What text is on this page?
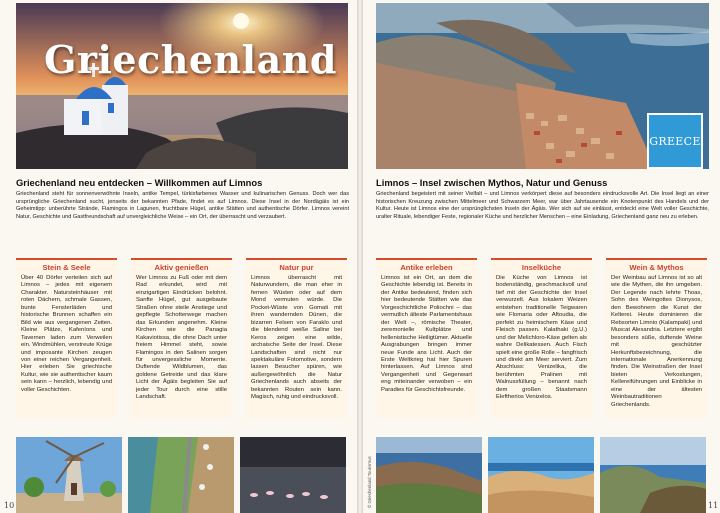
Griechenland
GREECE
Griechenland neu entdecken – Willkommen auf Limnos

Griechenland steht für sonnenverwöhnte Inseln, antike Tempel, türkisfarbenes Wasser und kulinarischen Genuss. Doch wer das ursprüngliche Griechenland sucht, jenseits der bekannten Pfade, findet es auf Limnos. Diese Insel in der Nordägäis ist ein Geheimtipp: unberührte Strände, Flamingos in Lagunen, fruchtbare Hügel, antike Stätten und authentische Dörfer. Limnos vereint Natur, Geschichte und Gastfreundschaft auf unvergleichliche Weise – ein Ort, der überrascht und verzaubert.

Limnos – Insel zwischen Mythos, Natur und Genuss

Griechenland begeistert mit seiner Vielfalt – und Limnos verkörpert diese auf besonders eindrucksvolle Art. Die Insel liegt an einer historischen Kreuzung zwischen Mittelmeer und Schwarzem Meer, war über Jahrtausende ein Knotenpunkt des Handels und der Kultur. Heute ist Limnos eine der ursprünglichsten Inseln der Ägäis. Wer sich auf sie einlässt, entdeckt eine Welt voller Geschichte, uralter Rituale, lebendiger Feste, regionaler Küche und herzlicher Menschen – eine Einladung, Griechenland ganz neu zu erleben.

Stein & Seele

Über 40 Dörfer verteilen sich auf Limnos – jedes mit eigenem Charakter. Natursteinhäuser mit roten Dächern, schmale Gassen, bunte Fensterläden und historische Brunnen schaffen ein Bild wie aus vergangenen Zeiten. Kleine Plätze, Kafeníons und Tavernen laden zum Verweilen ein. Windmühlen, verstreute Krüge und imposante Kirchen zeugen von einer reichen Vergangenheit. Hier erleben Sie griechische Kultur, wie sie authentischer kaum sein kann – herzlich, lebendig und voller Geschichten.

Aktiv genießen

Wer Limnos zu Fuß oder mit dem Rad erkundet, wird mit einzigartigen Eindrücken belohnt. Sanfte Hügel, gut ausgebaute Straßen ohne steile Anstiege und gepflegte Schotterwege machen das Erkunden angenehm. Kleine Kirchen wie die Panagia Kakaviotissa, die ohne Dach unter freiem Himmel steht, sowie Flamingos in den Salinen sorgen für unvergessliche Momente. Duftende Wildblumen, das goldene Getreide und das klare Licht der Ägäis begleiten Sie auf jeder Tour durch eine stille Landschaft.

Natur pur

Limnos überrascht mit Naturwundern, die man eher in fernen Wüsten oder auf dem Mond vermuten würde. Die Pocket-Wüste von Gomati mit ihren wandernden Dünen, die bizarren Felsen von Faraklo und die blendend weiße Saline bei Keros zeigen eine wilde, archaische Seite der Insel. Diese Landschaften sind nicht nur spektakuläre Fotomotive, sondern lassen Besucher spüren, wie außergewöhnlich die Natur Griechenlands auch abseits der bekannten Routen sein kann. Magisch, ruhig und eindrucksvoll.

Antike erleben

Limnos ist ein Ort, an dem die Geschichte lebendig ist. Bereits in der Antike bedeutend, finden sich hier bedeutende Stätten wie das Vorgeschichtliche Poliochni – das vermutlich älteste Parlamentshaus der Welt –, römische Theater, zeremonielle Kultplätze und hellenistische Heiligtümer. Aktuelle Ausgrabungen bringen immer neue Funde ans Licht. Auch der Erste Weltkrieg hat hier Spuren hinterlassen. Auf Limnos sind Vergangenheit und Gegenwart eng miteinander verwoben – ein Paradies für Geschichtsfreunde.

Inselküche

Die Küche von Limnos ist bodenständig, geschmackvoll und tief mit der Geschichte der Insel verwurzelt. Aus lokalem Weizen entstehen traditionelle Teigwaren wie Flomaria oder Aftoudia, die perfekt zu heimischem Käse und Fleisch passen. Kalathaki (g.U.) und der Melichloro-Käse gelten als wahre Delikatessen. Auch Fisch spielt eine große Rolle – fangfrisch und direkt am Meer serviert. Zum Abschluss: Venizelika, die berühmten Pralinen mit Walnussfüllung – benannt nach dem großen Staatsmann Eleftherios Venizelos.

Wein & Mythos

Der Weinbau auf Limnos ist so alt wie die Mythen, die ihn umgeben. Der Legende nach lehrte Thoas, Sohn des Weingottes Dionysos, den Bewohnern die Kunst der Kelterei. Heute dominieren die Rebsorten Limnio (Kalampaki) und Muscat Alexandria. Letztere ergibt besonders süße, duftende Weine mit geschützter Herkunftsbezeichnung, die internationale Anerkennung finden. Die Weinstraßen der Insel bieten Verkostungen, Kellereiführungen und Einblicke in eine der ältesten Weinbautraditionen Griechenlands.

10	11
© Griechenland Tourismus
